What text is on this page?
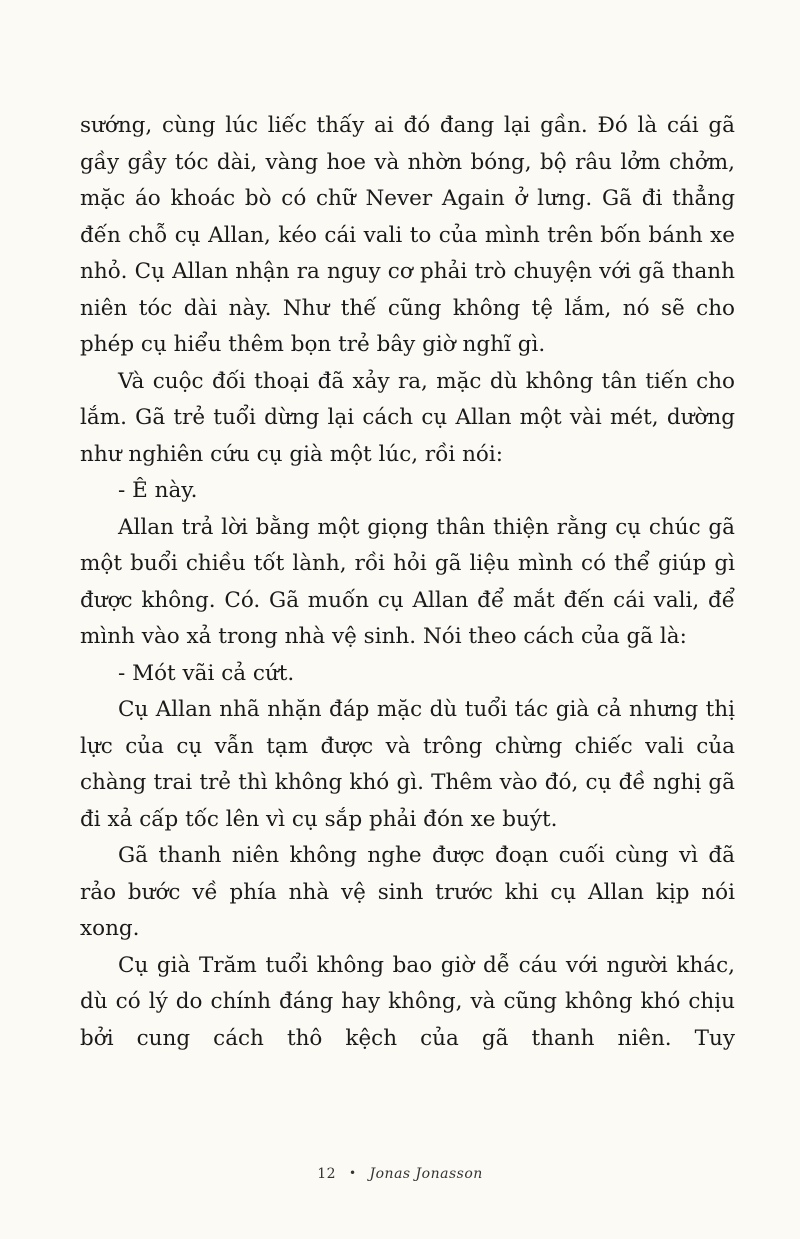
sướng, cùng lúc liếc thấy ai đó đang lại gần. Đó là cái gã gầy gầy tóc dài, vàng hoe và nhờn bóng, bộ râu lởm chởm, mặc áo khoác bò có chữ Never Again ở lưng. Gã đi thẳng đến chỗ cụ Allan, kéo cái vali to của mình trên bốn bánh xe nhỏ. Cụ Allan nhận ra nguy cơ phải trò chuyện với gã thanh niên tóc dài này. Như thế cũng không tệ lắm, nó sẽ cho phép cụ hiểu thêm bọn trẻ bây giờ nghĩ gì.

Và cuộc đối thoại đã xảy ra, mặc dù không tân tiến cho lắm. Gã trẻ tuổi dừng lại cách cụ Allan một vài mét, dường như nghiên cứu cụ già một lúc, rồi nói:

- Ê này.

Allan trả lời bằng một giọng thân thiện rằng cụ chúc gã một buổi chiều tốt lành, rồi hỏi gã liệu mình có thể giúp gì được không. Có. Gã muốn cụ Allan để mắt đến cái vali, để mình vào xả trong nhà vệ sinh. Nói theo cách của gã là:

- Mót vãi cả cứt.

Cụ Allan nhã nhặn đáp mặc dù tuổi tác già cả nhưng thị lực của cụ vẫn tạm được và trông chừng chiếc vali của chàng trai trẻ thì không khó gì. Thêm vào đó, cụ đề nghị gã đi xả cấp tốc lên vì cụ sắp phải đón xe buýt.

Gã thanh niên không nghe được đoạn cuối cùng vì đã rảo bước về phía nhà vệ sinh trước khi cụ Allan kịp nói xong.

Cụ già Trăm tuổi không bao giờ dễ cáu với người khác, dù có lý do chính đáng hay không, và cũng không khó chịu bởi cung cách thô kệch của gã thanh niên. Tuy

12 • Jonas Jonasson
